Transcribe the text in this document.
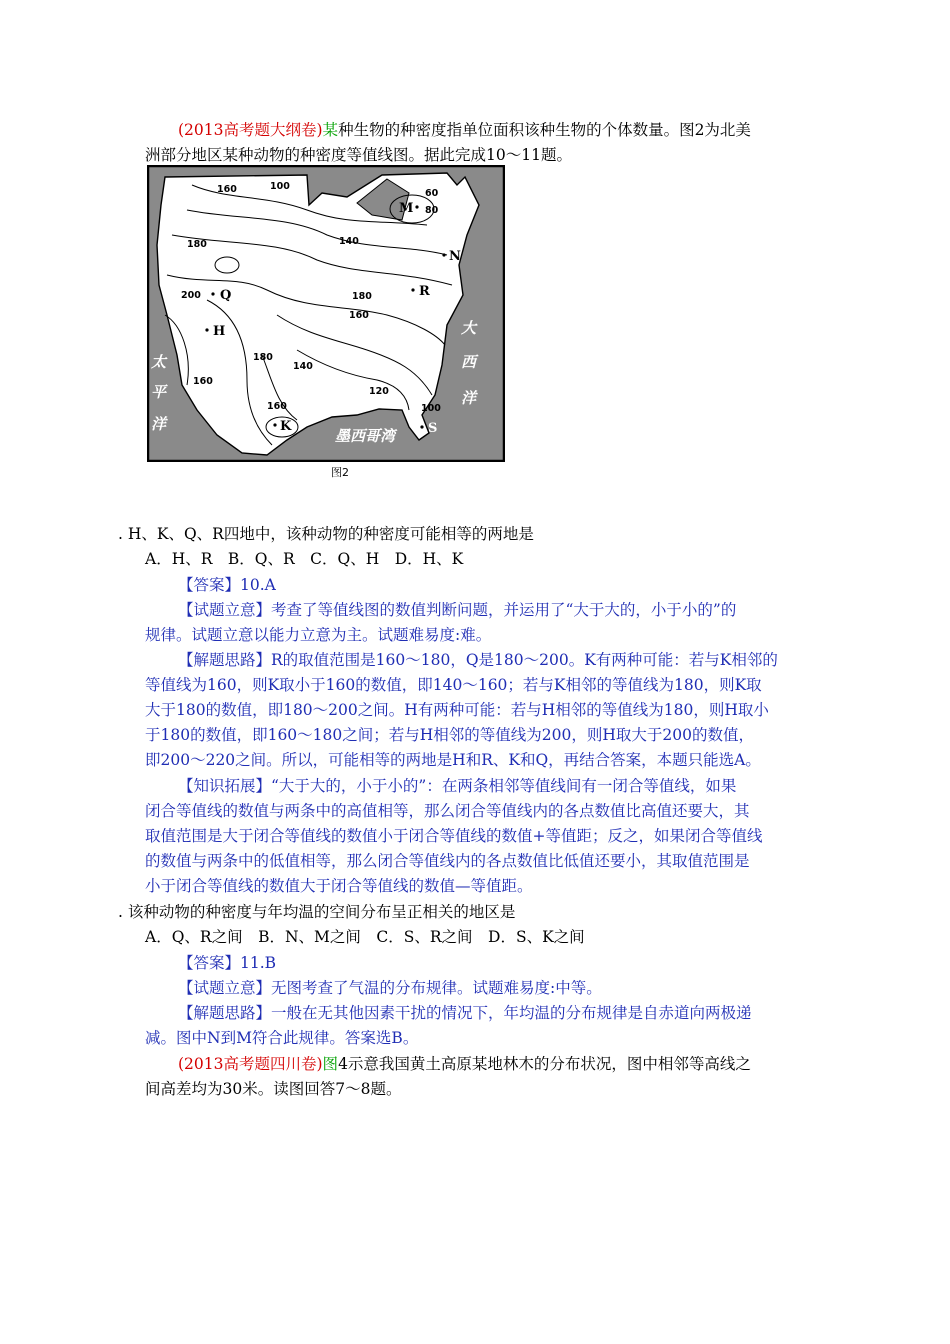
(2013高考题大纲卷)某种生物的种密度指单位面积该种生物的个体数量。图2为北美
洲部分地区某种动物的种密度等值线图。据此完成10～11题。
160	100
60
80
180	140
200	180
160
180
140
120
160
160	100
M
N
Q	R
H
K	S
太
平
洋
大
西
洋
墨西哥湾
图2
. H、K、Q、R四地中，该种动物的种密度可能相等的两地是
A．H、R　B．Q、R　C．Q、H　D．H、K
【答案】10.A
【试题立意】考查了等值线图的数值判断问题，并运用了“大于大的，小于小的”的
规律。试题立意以能力立意为主。试题难易度:难。
【解题思路】R的取值范围是160～180，Q是180～200。K有两种可能：若与K相邻的
等值线为160，则K取小于160的数值，即140～160；若与K相邻的等值线为180，则K取
大于180的数值，即180～200之间。H有两种可能：若与H相邻的等值线为180，则H取小
于180的数值，即160～180之间；若与H相邻的等值线为200，则H取大于200的数值，
即200～220之间。所以，可能相等的两地是H和R、K和Q，再结合答案，本题只能选A。
【知识拓展】“大于大的，小于小的”：在两条相邻等值线间有一闭合等值线，如果
闭合等值线的数值与两条中的高值相等，那么闭合等值线内的各点数值比高值还要大，其
取值范围是大于闭合等值线的数值小于闭合等值线的数值+等值距；反之，如果闭合等值线
的数值与两条中的低值相等，那么闭合等值线内的各点数值比低值还要小，其取值范围是
小于闭合等值线的数值大于闭合等值线的数值—等值距。
. 该种动物的种密度与年均温的空间分布呈正相关的地区是
A．Q、R之间　B．N、M之间　C．S、R之间　D．S、K之间
【答案】11.B
【试题立意】无图考查了气温的分布规律。试题难易度:中等。
【解题思路】一般在无其他因素干扰的情况下，年均温的分布规律是自赤道向两极递
减。图中N到M符合此规律。答案选B。
(2013高考题四川卷)图4示意我国黄土高原某地林木的分布状况，图中相邻等高线之
间高差均为30米。读图回答7～8题。
